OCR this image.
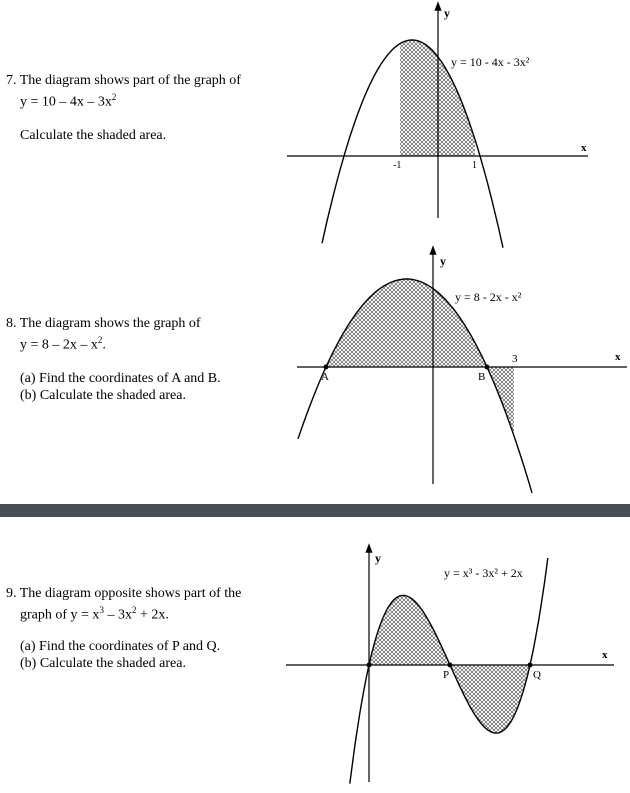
7. The diagram shows part of the graph of

$y = 10 - 4x - 3x^2$

Calculate the shaded area.

8. The diagram shows the graph of

$y = 8 - 2x - x^2$.

(a) Find the coordinates of A and B.

(b) Calculate the shaded area.

9. The diagram opposite shows part of the

graph of $y = x^3 - 3x^2 + 2x$.

(a) Find the coordinates of P and Q.

(b) Calculate the shaded area.

y
x
y = 10 - 4x - 3x²
-1	1
y
x
y = 8 - 2x - x²
A	B
3
y
x
y = x³ - 3x² + 2x
P	Q
